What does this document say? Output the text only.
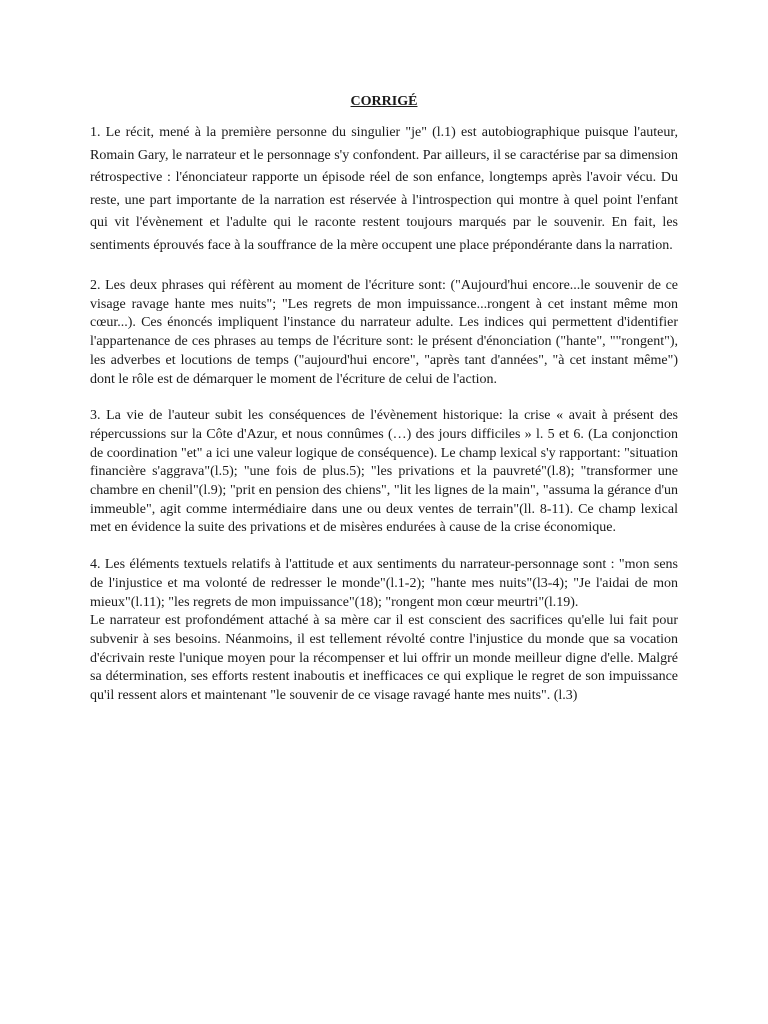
CORRIGÉ

1. Le récit, mené à la première personne du singulier "je" (l.1) est autobiographique puisque l'auteur, Romain Gary, le narrateur et le personnage s'y confondent. Par ailleurs, il se caractérise par sa dimension rétrospective : l'énonciateur rapporte un épisode réel de son enfance, longtemps après l'avoir vécu. Du reste, une part importante de la narration est réservée à l'introspection qui montre à quel point l'enfant qui vit l'évènement et l'adulte qui le raconte restent toujours marqués par le souvenir. En fait, les sentiments éprouvés face à la souffrance de la mère occupent une place prépondérante dans la narration.

2. Les deux phrases qui réfèrent au moment de l'écriture sont: ("Aujourd'hui encore...le souvenir de ce visage ravage hante mes nuits"; "Les regrets de mon impuissance...rongent à cet instant même mon cœur...). Ces énoncés impliquent l'instance du narrateur adulte. Les indices qui permettent d'identifier l'appartenance de ces phrases au temps de l'écriture sont: le présent d'énonciation ("hante", ""rongent"), les adverbes et locutions de temps ("aujourd'hui encore", "après tant d'années", "à cet instant même") dont le rôle est de démarquer le moment de l'écriture de celui de l'action.

3. La vie de l'auteur subit les conséquences de l'évènement historique: la crise « avait à présent des répercussions sur la Côte d'Azur, et nous connûmes (…) des jours difficiles » l. 5 et 6. (La conjonction de coordination "et" a ici une valeur logique de conséquence). Le champ lexical s'y rapportant: "situation financière s'aggrava"(l.5); "une fois de plus.5); "les privations et la pauvreté"(l.8); "transformer une chambre en chenil"(l.9); "prit en pension des chiens", "lit les lignes de la main", "assuma la gérance d'un immeuble", agit comme intermédiaire dans une ou deux ventes de terrain"(ll. 8-11). Ce champ lexical met en évidence la suite des privations et de misères endurées à cause de la crise économique.

4. Les éléments textuels relatifs à l'attitude et aux sentiments du narrateur-personnage sont : "mon sens de l'injustice et ma volonté de redresser le monde"(l.1-2); "hante mes nuits"(l3-4); "Je l'aidai de mon mieux"(l.11); "les regrets de mon impuissance"(18); "rongent mon cœur meurtri"(l.19).

Le narrateur est profondément attaché à sa mère car il est conscient des sacrifices qu'elle lui fait pour subvenir à ses besoins. Néanmoins, il est tellement révolté contre l'injustice du monde que sa vocation d'écrivain reste l'unique moyen pour la récompenser et lui offrir un monde meilleur digne d'elle. Malgré sa détermination, ses efforts restent inaboutis et inefficaces ce qui explique le regret de son impuissance qu'il ressent alors et maintenant "le souvenir de ce visage ravagé hante mes nuits". (l.3)
